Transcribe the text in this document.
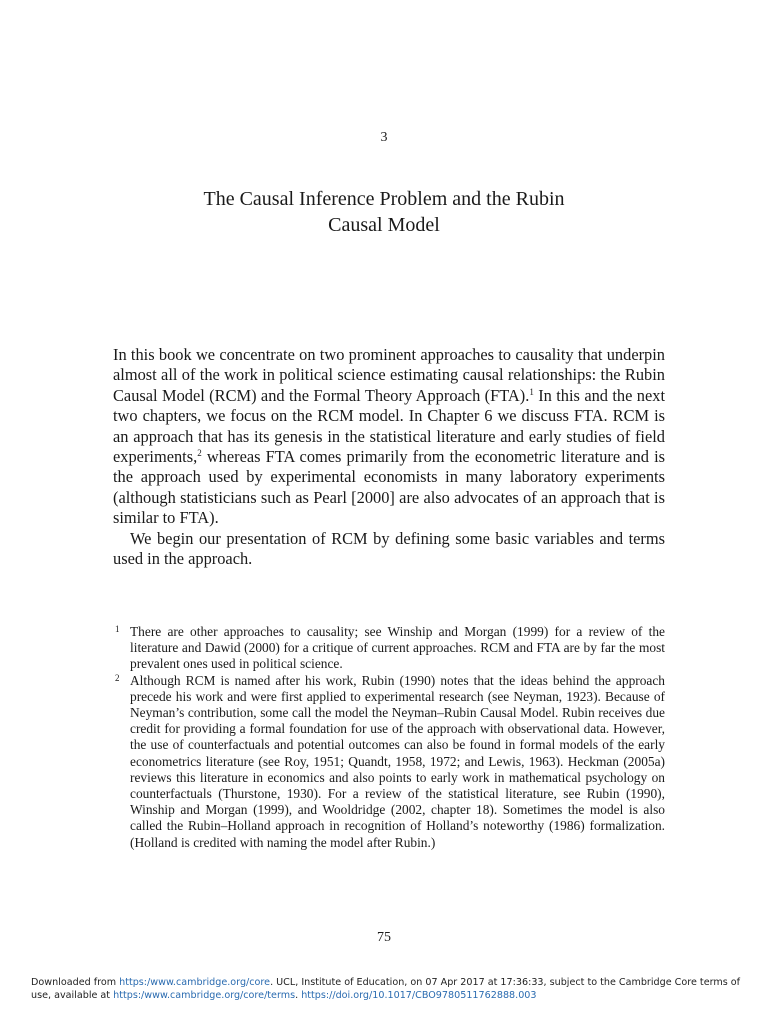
3
The Causal Inference Problem and the Rubin
Causal Model

In this book we concentrate on two prominent approaches to causality that underpin almost all of the work in political science estimating causal relationships: the Rubin Causal Model (RCM) and the Formal Theory Approach (FTA).$^1$ In this and the next two chapters, we focus on the RCM model. In Chapter 6 we discuss FTA. RCM is an approach that has its genesis in the statistical literature and early studies of field experiments,$^2$ whereas FTA comes primarily from the econometric literature and is the approach used by experimental economists in many laboratory experiments (although statisticians such as Pearl [2000] are also advocates of an approach that is similar to FTA).

We begin our presentation of RCM by defining some basic variables and terms used in the approach.

1 There are other approaches to causality; see Winship and Morgan (1999) for a review of the literature and Dawid (2000) for a critique of current approaches. RCM and FTA are by far the most prevalent ones used in political science.

2 Although RCM is named after his work, Rubin (1990) notes that the ideas behind the approach precede his work and were first applied to experimental research (see Neyman, 1923). Because of Neyman’s contribution, some call the model the Neyman–Rubin Causal Model. Rubin receives due credit for providing a formal foundation for use of the approach with observational data. However, the use of counterfactuals and potential outcomes can also be found in formal models of the early econometrics literature (see Roy, 1951; Quandt, 1958, 1972; and Lewis, 1963). Heckman (2005a) reviews this literature in economics and also points to early work in mathematical psychology on counterfactuals (Thurstone, 1930). For a review of the statistical literature, see Rubin (1990), Winship and Morgan (1999), and Wooldridge (2002, chapter 18). Sometimes the model is also called the Rubin–Holland approach in recognition of Holland’s noteworthy (1986) formalization. (Holland is credited with naming the model after Rubin.)

75
Downloaded from https:/www.cambridge.org/core. UCL, Institute of Education, on 07 Apr 2017 at 17:36:33, subject to the Cambridge Core terms of use, available at https:/www.cambridge.org/core/terms. https://doi.org/10.1017/CBO9780511762888.003
